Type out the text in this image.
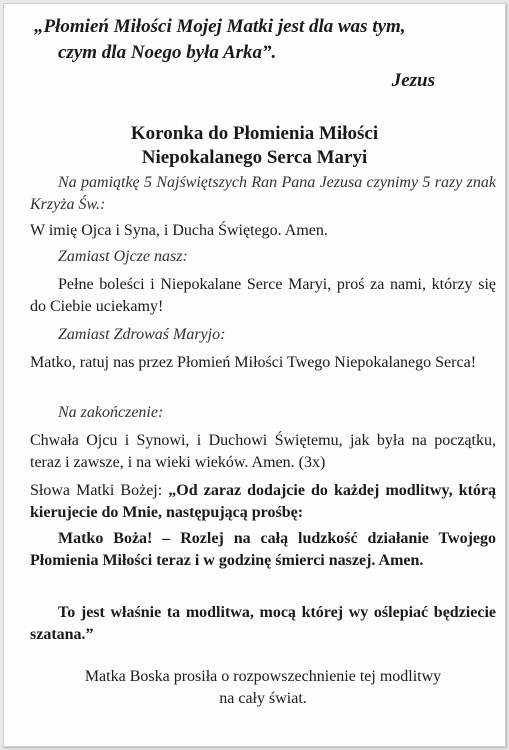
„Płomień Miłości Mojej Matki jest dla was tym,
czym dla Noego była Arka”.

Jezus

Koronka do Płomienia Miłości
Niepokalanego Serca Maryi

Na pamiątkę 5 Najświętszych Ran Pana Jezusa czynimy 5 razy znak Krzyża Św.:

W imię Ojca i Syna, i Ducha Świętego. Amen.

Zamiast Ojcze nasz:

Pełne boleści i Niepokalane Serce Maryi, proś za nami, którzy się do Ciebie uciekamy!

Zamiast Zdrowaś Maryjo:

Matko, ratuj nas przez Płomień Miłości Twego Niepokalanego Serca!

Na zakończenie:

Chwała Ojcu i Synowi, i Duchowi Świętemu, jak była na początku, teraz i zawsze, i na wieki wieków. Amen. (3x)

Słowa Matki Bożej: „Od zaraz dodajcie do każdej modlitwy, którą kierujecie do Mnie, następującą prośbę:

Matko Boża! – Rozlej na całą ludzkość działanie Twojego Płomienia Miłości teraz i w godzinę śmierci naszej. Amen.

To jest właśnie ta modlitwa, mocą której wy oślepiać będziecie szatana.”

Matka Boska prosiła o rozpowszechnienie tej modlitwy
na cały świat.
